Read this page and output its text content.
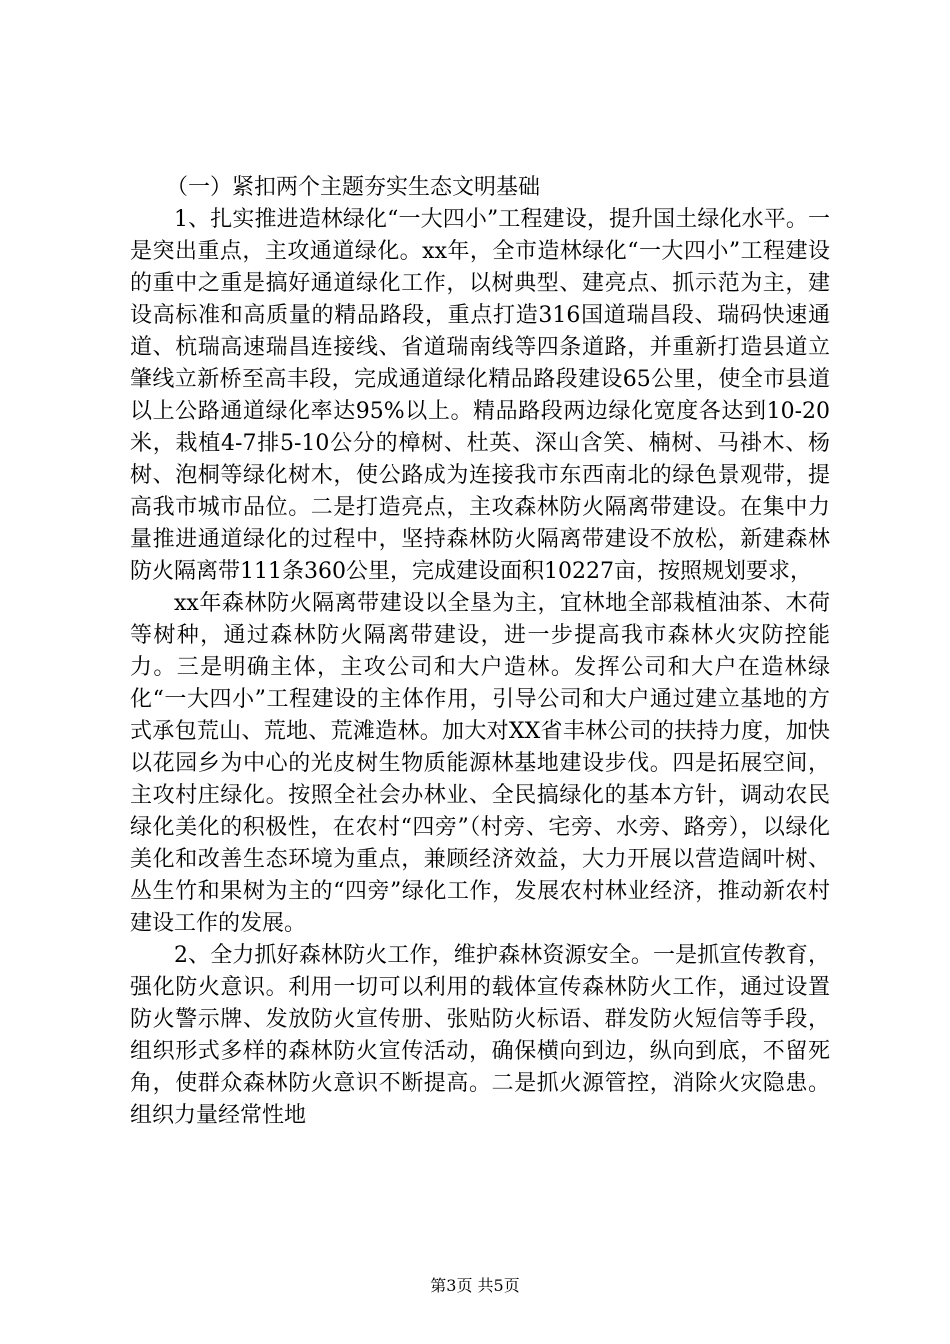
（一）紧扣两个主题夯实生态文明基础

1、扎实推进造林绿化“一大四小”工程建设，提升国土绿化水平。一是突出重点，主攻通道绿化。xx年，全市造林绿化“一大四小”工程建设的重中之重是搞好通道绿化工作，以树典型、建亮点、抓示范为主，建设高标准和高质量的精品路段，重点打造316国道瑞昌段、瑞码快速通道、杭瑞高速瑞昌连接线、省道瑞南线等四条道路，并重新打造县道立肇线立新桥至高丰段，完成通道绿化精品路段建设65公里，使全市县道以上公路通道绿化率达95%以上。精品路段两边绿化宽度各达到10-20米，栽植4-7排5-10公分的樟树、杜英、深山含笑、楠树、马褂木、杨树、泡桐等绿化树木，使公路成为连接我市东西南北的绿色景观带，提高我市城市品位。二是打造亮点，主攻森林防火隔离带建设。在集中力量推进通道绿化的过程中，坚持森林防火隔离带建设不放松，新建森林防火隔离带111条360公里，完成建设面积10227亩，按照规划要求，

xx年森林防火隔离带建设以全垦为主，宜林地全部栽植油茶、木荷等树种，通过森林防火隔离带建设，进一步提高我市森林火灾防控能力。三是明确主体，主攻公司和大户造林。发挥公司和大户在造林绿化“一大四小”工程建设的主体作用，引导公司和大户通过建立基地的方式承包荒山、荒地、荒滩造林。加大对XX省丰林公司的扶持力度，加快以花园乡为中心的光皮树生物质能源林基地建设步伐。四是拓展空间，主攻村庄绿化。按照全社会办林业、全民搞绿化的基本方针，调动农民绿化美化的积极性，在农村“四旁”（村旁、宅旁、水旁、路旁），以绿化美化和改善生态环境为重点，兼顾经济效益，大力开展以营造阔叶树、丛生竹和果树为主的“四旁”绿化工作，发展农村林业经济，推动新农村建设工作的发展。

2、全力抓好森林防火工作，维护森林资源安全。一是抓宣传教育，强化防火意识。利用一切可以利用的载体宣传森林防火工作，通过设置防火警示牌、发放防火宣传册、张贴防火标语、群发防火短信等手段，组织形式多样的森林防火宣传活动，确保横向到边，纵向到底，不留死角，使群众森林防火意识不断提高。二是抓火源管控，消除火灾隐患。组织力量经常性地

第3页 共5页
